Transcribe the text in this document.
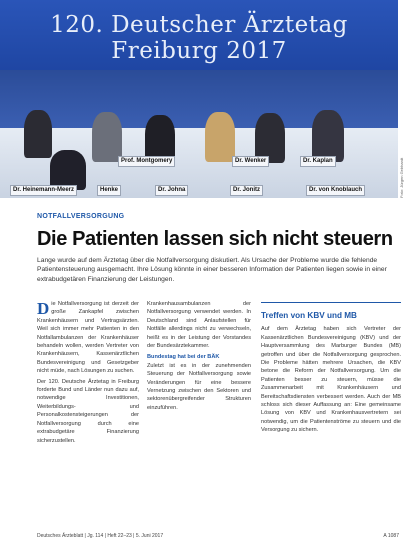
120. Deutscher Ärztetag
Freiburg 2017
Dr. Heinemann-Meerz	Henke	Dr. Johna	Dr. Jonitz	Dr. von Knoblauch
Prof. Montgomery	Dr. Wenker	Dr. Kaplan	Foto: Jürgen Gebhardt
NOTFALLVERSORGUNG
Die Patienten lassen sich nicht steuern
Lange wurde auf dem Ärztetag über die Notfallversorgung diskutiert. Als Ursache der Probleme wurde die fehlende Patientensteuerung ausgemacht. Ihre Lösung könnte in einer besseren Information der Patienten liegen sowie in einer extrabudgetären Finanzierung der Leistungen.
D ie Notfallversorgung ist derzeit der große Zankapfel zwischen Krankenhäusern und Vertragsärzten. Weil sich immer mehr Patienten in den Notfallambulanzen der Krankenhäuser behandeln wollen, werden Vertreter von Krankenhäusern, Kassenärztlichen Bundesvereinigung und Gesetzgeber nicht müde, nach Lösungen zu suchen.

Der 120. Deutsche Ärztetag in Freiburg forderte Bund und Länder nun dazu auf, notwendige Investitionen, Weiterbildungs- und Personalkostensteigerungen der Notfallversorgung durch eine extrabudgetäre Finanzierung sicherzustellen.

Krankenhausambulanzen der Notfallversorgung verwendet werden. In Deutschland sind Anlaufstellen für Notfälle allerdings nicht zu verwechseln, heißt es in der Leistung der Vorstandes der Bundesärztekammer.

Bundestag hat bei der BÄK

Zuletzt ist es in der zunehmenden Steuerung der Notfallversorgung sowie Veränderungen für eine bessere Vernetzung zwischen den Sektoren und sektorenübergreifender Strukturen einzuführen.

Treffen von KBV und MB

Auf dem Ärztetag haben sich Vertreter der Kassenärztlichen Bundesvereinigung (KBV) und der Hauptversammlung des Marburger Bundes (MB) getroffen und über die Notfallversorgung gesprochen. Die Probleme hätten mehrere Ursachen, die KBV betone die Reform der Notfallversorgung. Um die Patienten besser zu steuern, müsse die Zusammenarbeit mit Krankenhäusern und Bereitschaftsdiensten verbessert werden. Auch der MB schloss sich dieser Auffassung an: Eine gemeinsame Lösung von KBV und Krankenhausvertretern sei notwendig, um die Patientenströme zu steuern und die Versorgung zu sichern.

Deutsches Ärzteblatt | Jg. 114 | Heft 22–23 | 5. Juni 2017	A 1087
